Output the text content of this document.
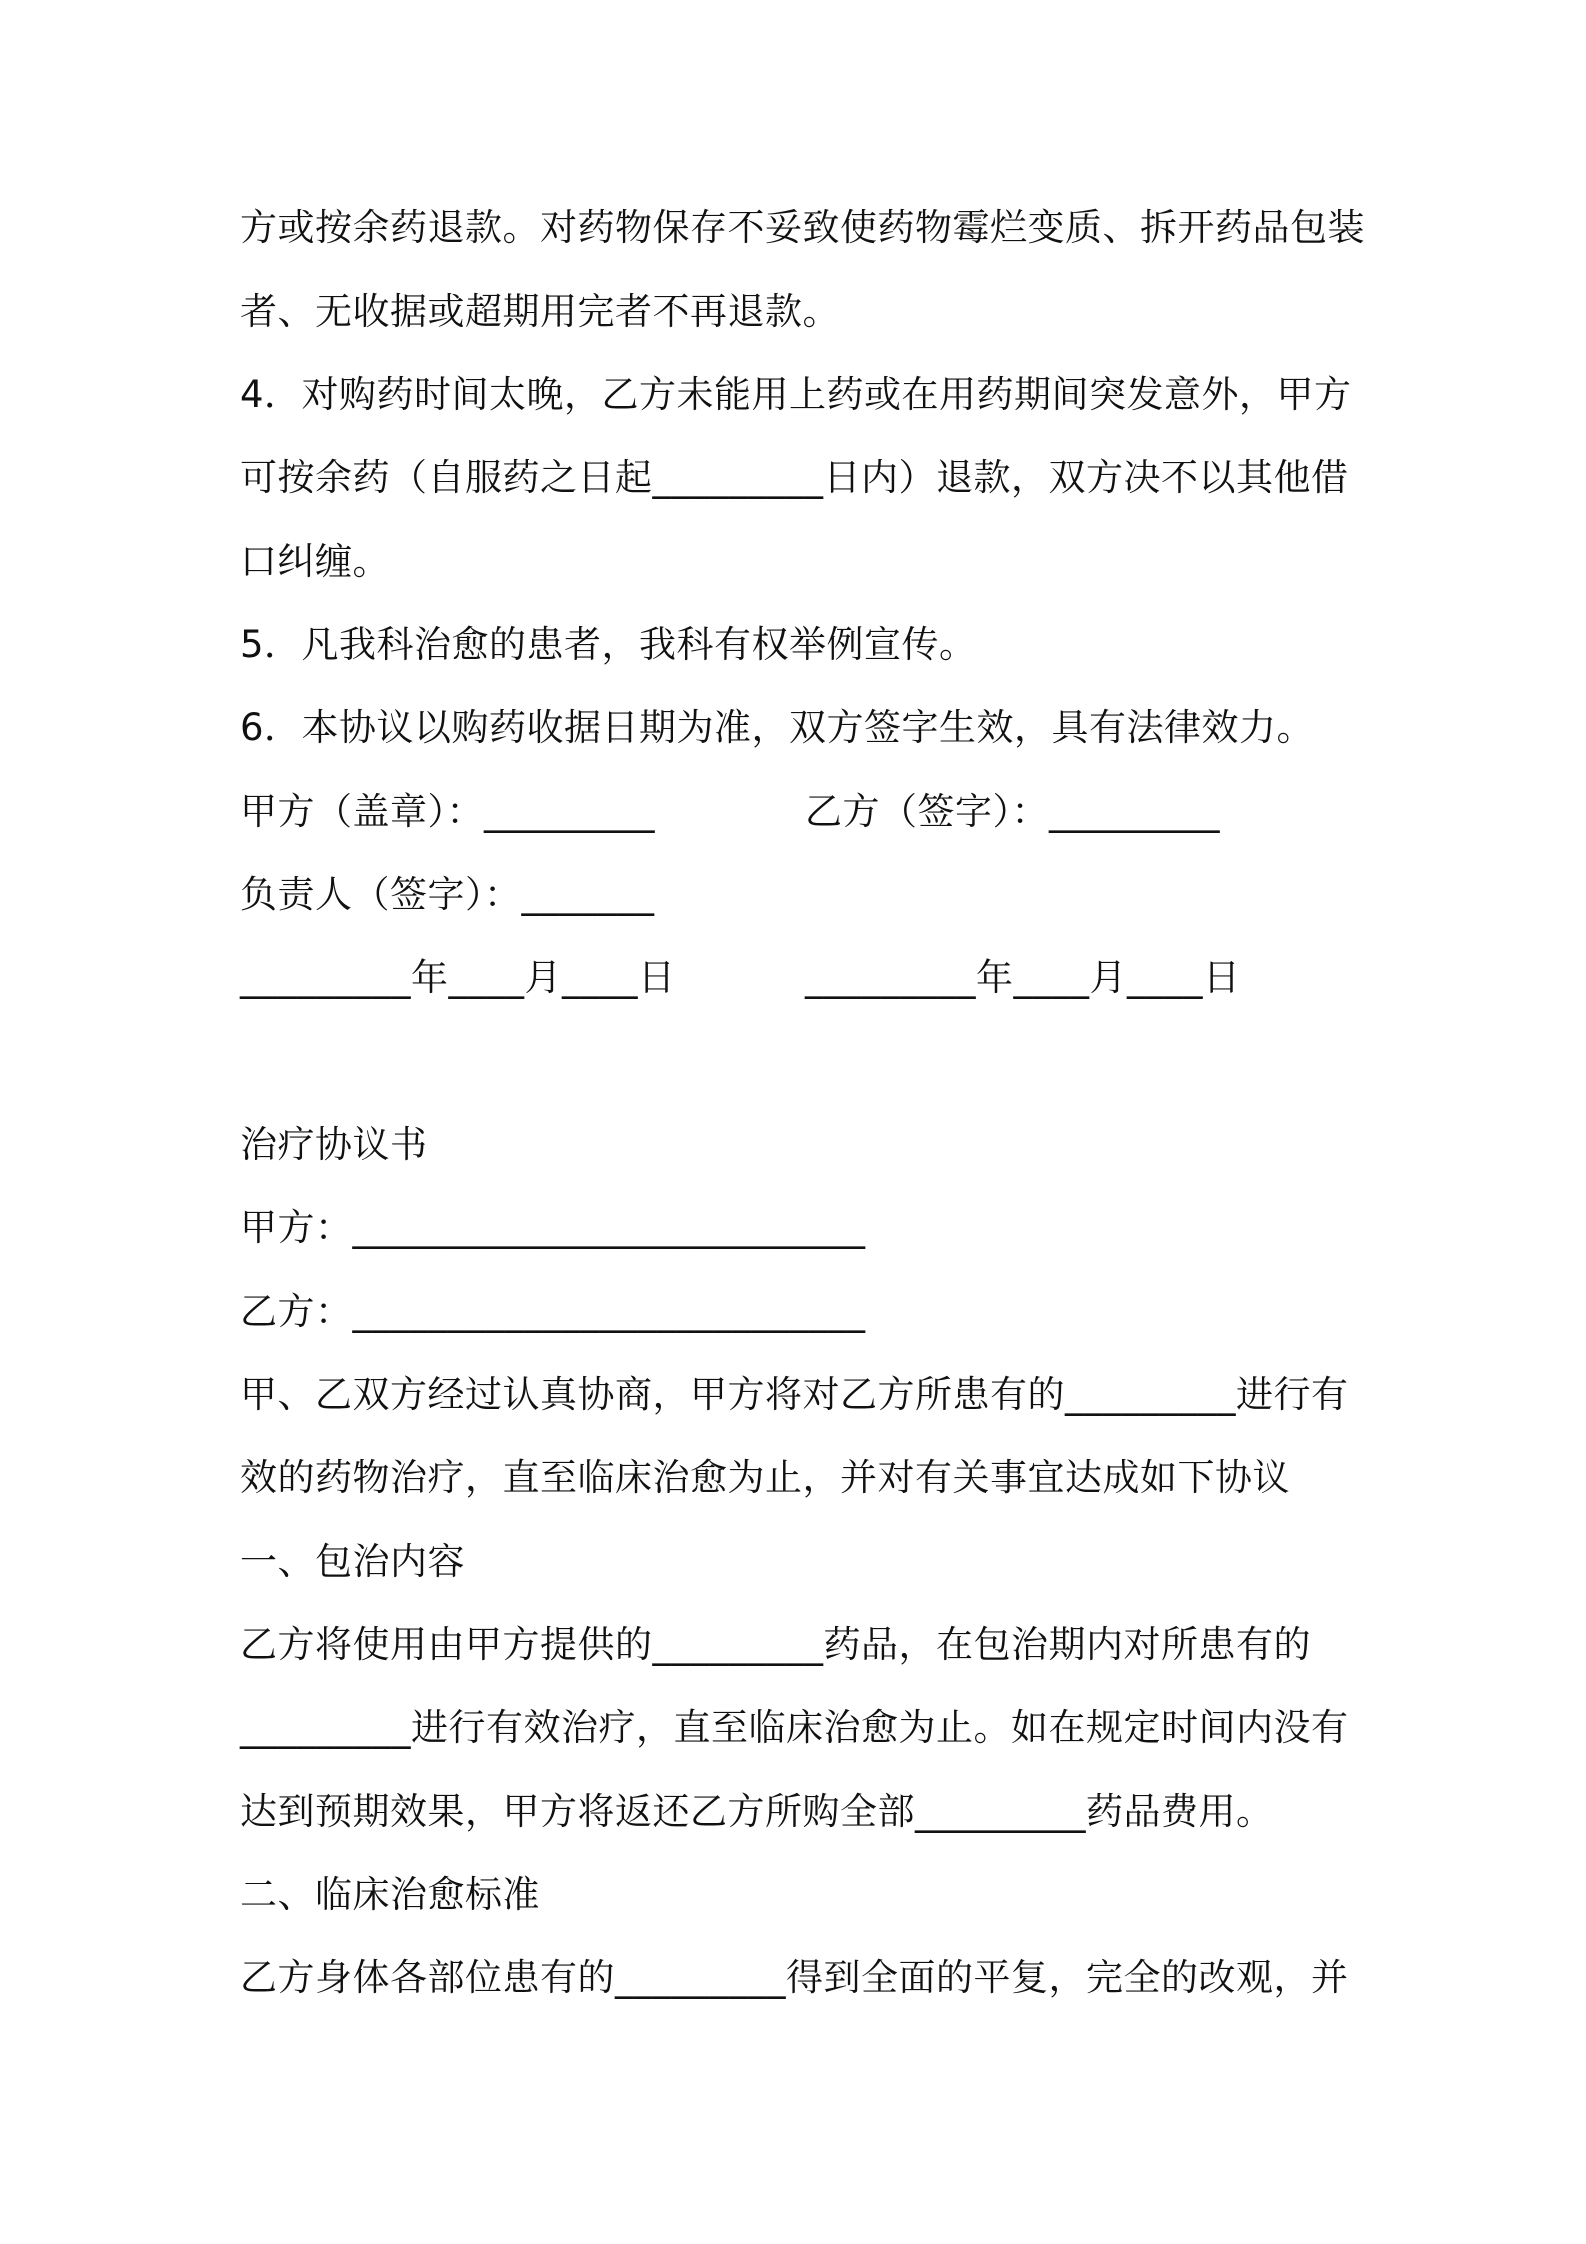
方或按余药退款。对药物保存不妥致使药物霉烂变质、拆开药品包装
者、无收据或超期用完者不再退款。
4．对购药时间太晚，乙方未能用上药或在用药期间突发意外，甲方
可按余药（自服药之日起_________日内）退款，双方决不以其他借
口纠缠。
5．凡我科治愈的患者，我科有权举例宣传。
6．本协议以购药收据日期为准，双方签字生效，具有法律效力。
甲方（盖章）：_________	乙方（签字）：_________
负责人（签字）：_______
_________年____月____日	_________年____月____日
治疗协议书
甲方：___________________________
乙方：___________________________
甲、乙双方经过认真协商，甲方将对乙方所患有的_________进行有
效的药物治疗，直至临床治愈为止，并对有关事宜达成如下协议
一、包治内容
乙方将使用由甲方提供的_________药品，在包治期内对所患有的
_________进行有效治疗，直至临床治愈为止。如在规定时间内没有
达到预期效果，甲方将返还乙方所购全部_________药品费用。
二、临床治愈标准
乙方身体各部位患有的_________得到全面的平复，完全的改观，并
